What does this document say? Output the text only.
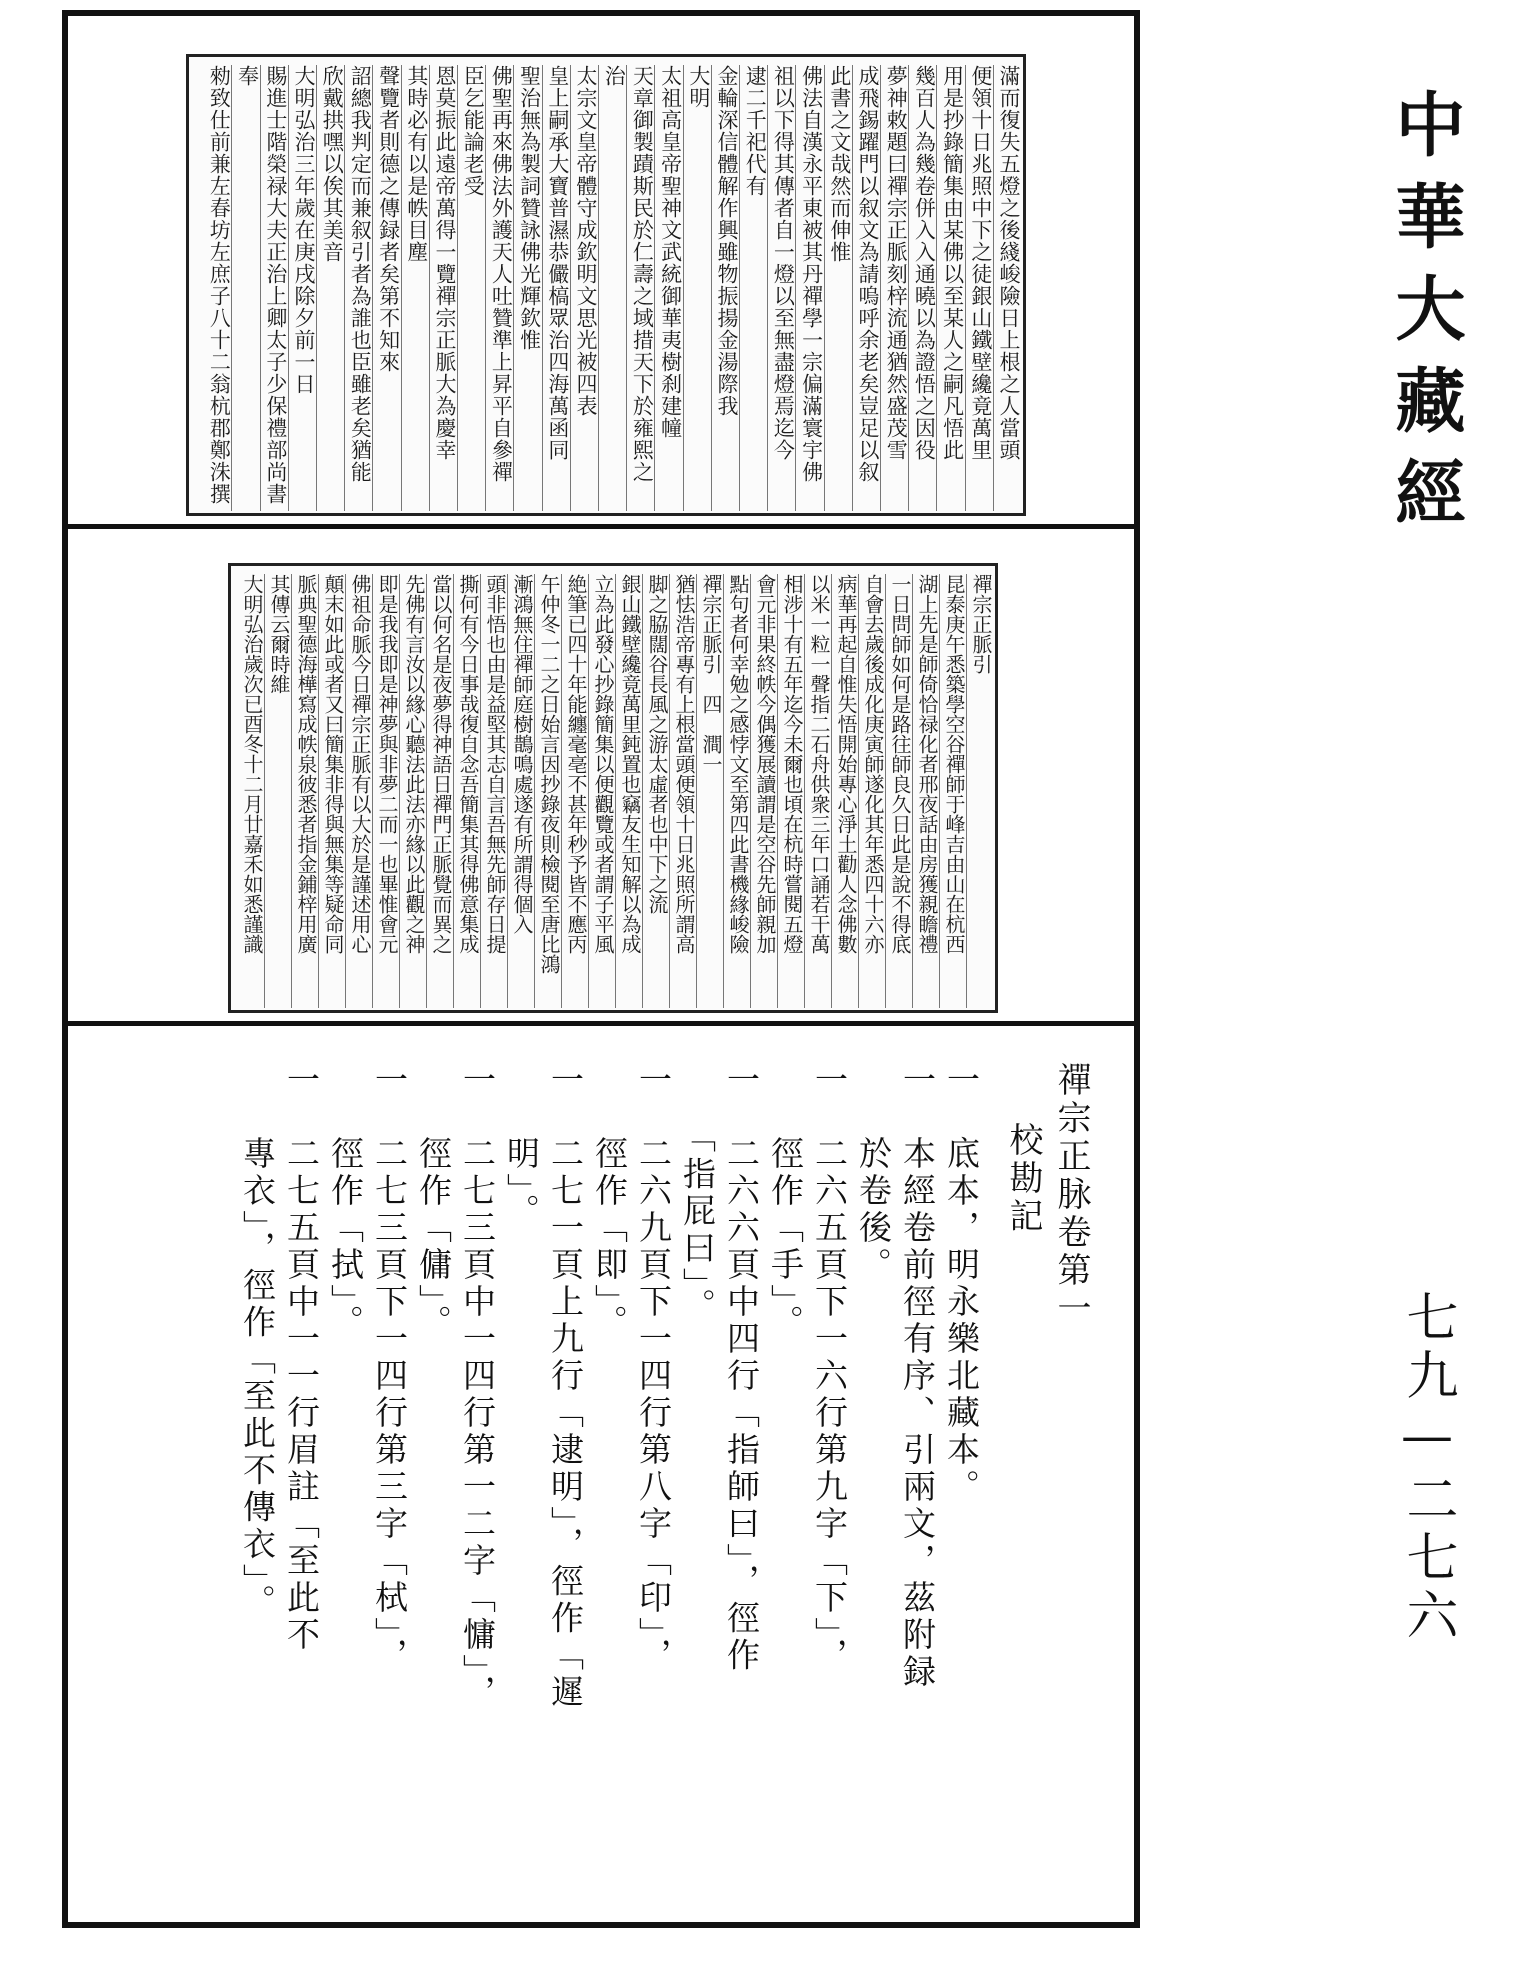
中華大藏經
滿而復失五燈之後綫峻險日上根之人當頭
便領十日兆照中下之徒銀山鐵壁纔竟萬里
用是抄錄簡集由某佛以至某人之嗣凡悟此
幾百人為幾卷併入入通曉以為證悟之因役
夢神敕題曰禪宗正脈刻梓流通猶然盛茂雪
成飛錫躍門以叙文為請嗚呼余老矣豈足以叙
此書之文哉然而伸惟
佛法自漢永平東被其丹禪學一宗偏滿寰宇佛
祖以下得其傳者自一燈以至無盡燈焉迄今
逮二千祀代有
金輪深信體解作興雖物振揚金湯際我
大明
太祖高皇帝聖神文武統御華夷樹刹建幢
天章御製蹟斯民於仁壽之域措天下於雍熙之
治
太宗文皇帝體守成欽明文思光被四表
皇上嗣承大寶普濕恭儼槁眾治四海萬函同
聖治無為製詞贊詠佛光輝欽惟
佛聖再來佛法外護天人吐贊準上昇平自參禪
臣乞能論老受
恩莫振此遠帝萬得一覽禪宗正脈大為慶幸
其時必有以是帙目塵
聲覽者則德之傳録者矣第不知來
詔總我判定而兼叙引者為誰也臣雖老矣猶能
欣戴拱嘿以俟其美音
大明弘治三年歲在庚戌除夕前一日
賜進士階榮禄大夫正治上卿太子少保禮部尚書
奉
勑致仕前兼左春坊左庶子八十二翁杭郡鄭洙撰
禪宗正脈引
昆泰庚午悉築學空谷禪師于峰吉由山在杭西
湖上先是師倚恰禄化者邢夜話由房獲親瞻禮
一日問師如何是路往師良久日此是說不得底
自會去歲後成化庚寅師遂化其年悉四十六亦
病華再起自惟失悟開始專心淨土勸人念佛數
以米一粒一聲指二石舟供衆三年口誦若干萬
相涉十有五年迄今未爾也頃在杭時嘗閱五燈
會元非果終帙今偶獲展讀謂是空谷先師親加
點句者何幸勉之感悖文至第四此書機緣峻險
禪宗正脈引　四　澗一
猶怯浩帝專有上根當頭便領十日兆照所謂高
脚之脇闊谷長風之游太虛者也中下之流
銀山鐵壁纔竟萬里鈍置也竊友生知解以為成
立為此發心抄錄簡集以便觀覽或者謂子平風
絶筆已四十年能纏毫亳不甚年秒予皆不應丙
午仲冬一二之日始言因抄錄夜則檢閱至唐比鴻
漸鴻無住禪師庭樹鵲鳴處遂有所謂得個入
頭非悟也由是益堅其志自言吾無先師存日提
撕何有今日事哉復自念吾簡集其得佛意集成
當以何名是夜夢得神語日禪門正脈覺而異之
先佛有言汝以緣心聽法此法亦緣以此觀之神
即是我我即是神夢與非夢二而一也畢惟會元
佛祖命脈今日禪宗正脈有以大於是謹述用心
顛末如此或者又曰簡集非得與無集等疑命同
脈典聖德海樺寫成帙泉彼悉者指金鋪梓用廣
其傳云爾時維
大明弘治歲次已酉冬十二月廿嘉禾如悉謹識
禪宗正脉卷第一
校勘記
一　底本，明永樂北藏本。
一　本經卷前徑有序、引兩文，茲附録
　　於卷後。
一　二六五頁下一六行第九字「下」，
　　徑作「手」。
一　二六六頁中四行「指師曰」，徑作
　　「指屁曰」。
一　二六九頁下一四行第八字「印」，
　　徑作「即」。
一　二七一頁上九行「逮明」，徑作「遲
　　明」。
一　二七三頁中一四行第一二字「慵」，
　　徑作「傭」。
一　二七三頁下一四行第三字「栻」，
　　徑作「拭」。
一　二七五頁中一一行眉註「至此不
　　專衣」，徑作「至此不傳衣」。	七九—二七六
